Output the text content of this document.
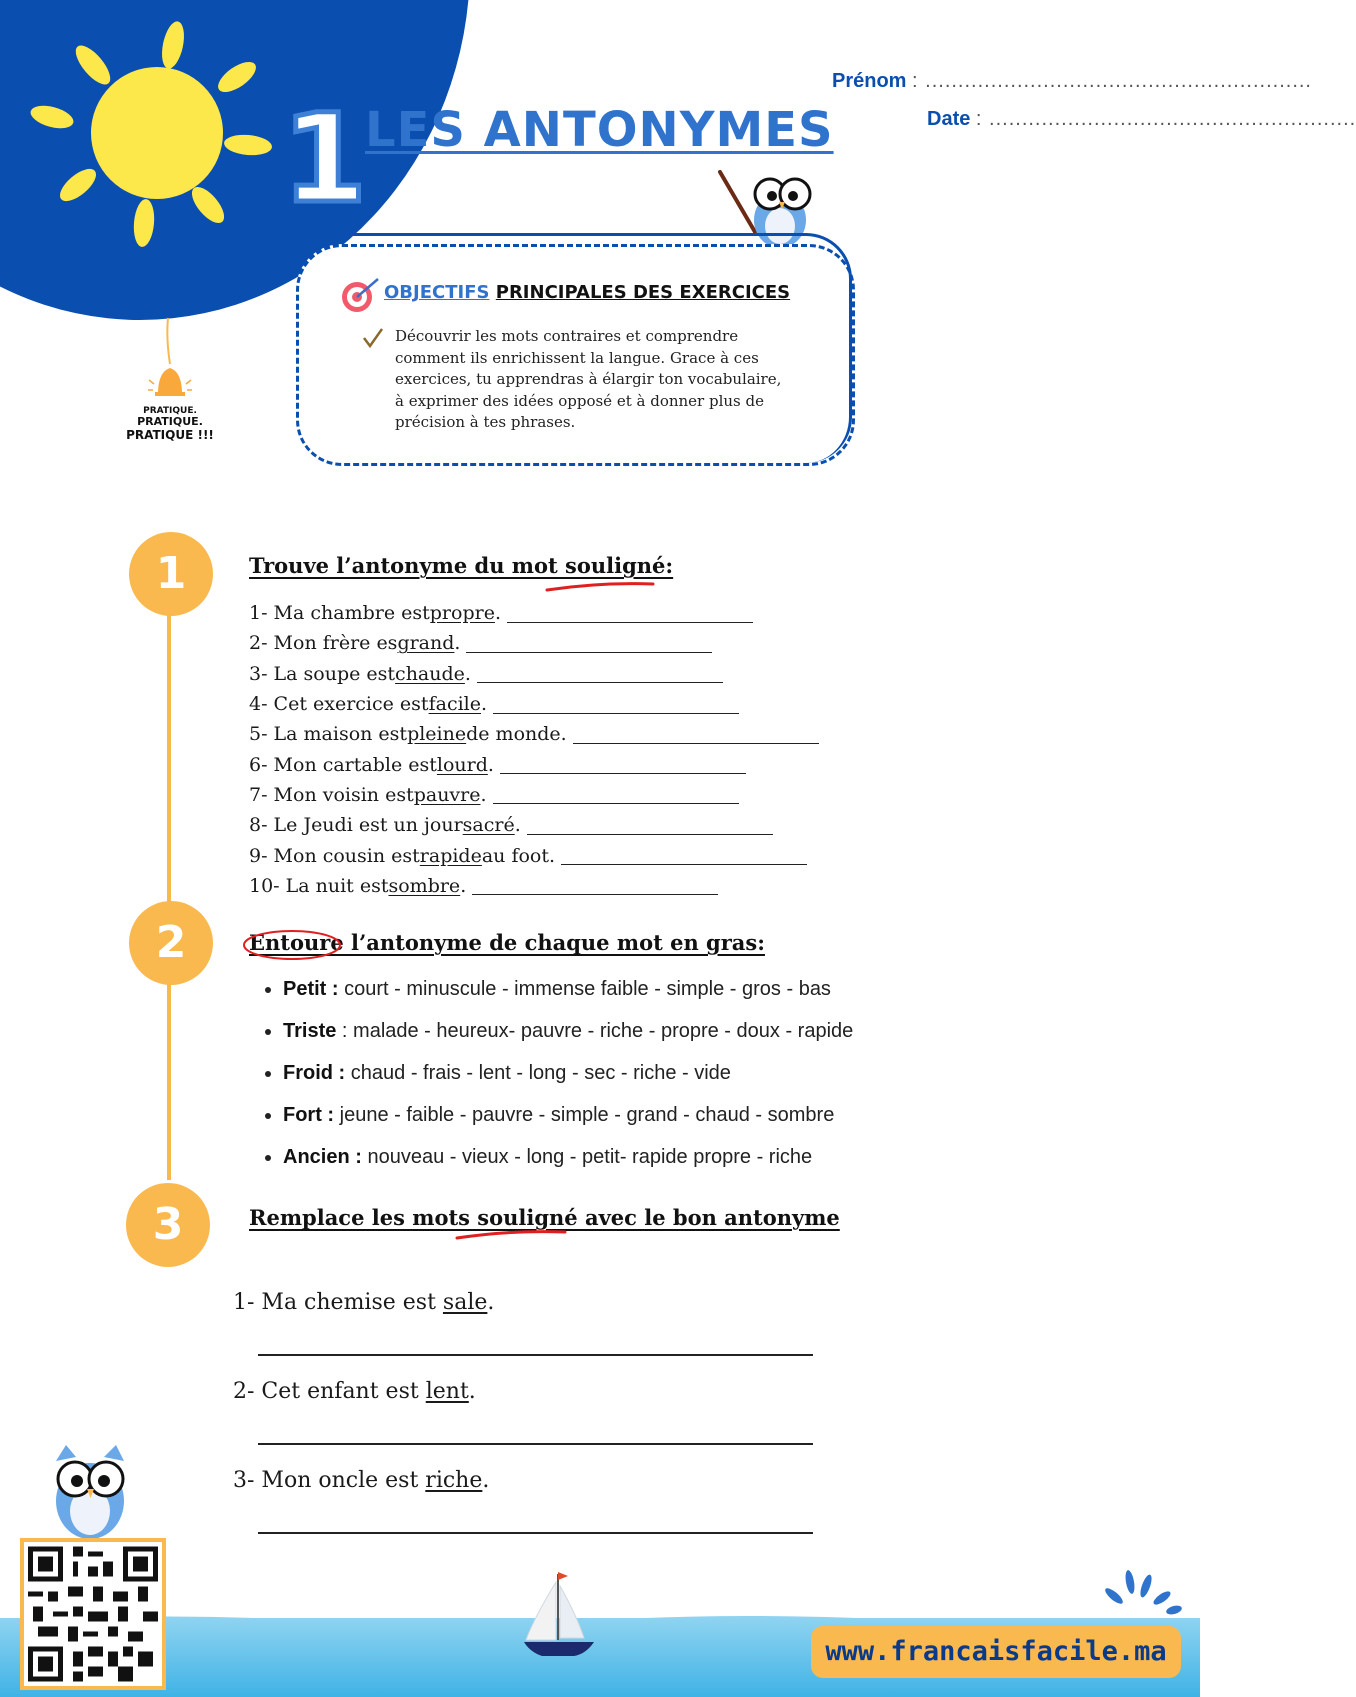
1
LES ANTONYMES
Prénom : ...........................................................
Date : ........................................................
OBJECTIFS PRINCIPALES DES EXERCICES
Découvrir les mots contraires et comprendre comment ils enrichissent la langue. Grace à ces exercices, tu apprendras à élargir ton vocabulaire, à exprimer des idées opposé et à donner plus de précision à tes phrases.
PRATIQUE.
PRATIQUE.
PRATIQUE !!!
1
2
3
Trouve l’antonyme du mot souligné:
1- Ma chambre est propre .
2- Mon frère es grand .
3- La soupe est chaude .
4- Cet exercice est facile .
5- La maison est pleine de monde.
6- Mon cartable est lourd .
7- Mon voisin est pauvre .
8- Le Jeudi est un jour sacré .
9- Mon cousin est rapide au foot.
10- La nuit est sombre .
Entoure l’antonyme de chaque mot en gras:
• Petit : court - minuscule - immense faible - simple - gros - bas
• Triste : malade - heureux- pauvre - riche - propre - doux - rapide
• Froid : chaud - frais - lent - long - sec - riche - vide
• Fort : jeune - faible - pauvre - simple - grand - chaud - sombre
• Ancien : nouveau - vieux - long - petit- rapide propre - riche
Remplace les mots souligné avec le bon antonyme
1- Ma chemise est sale.
2- Cet enfant est lent.
3- Mon oncle est riche.
www.francaisfacile.ma
